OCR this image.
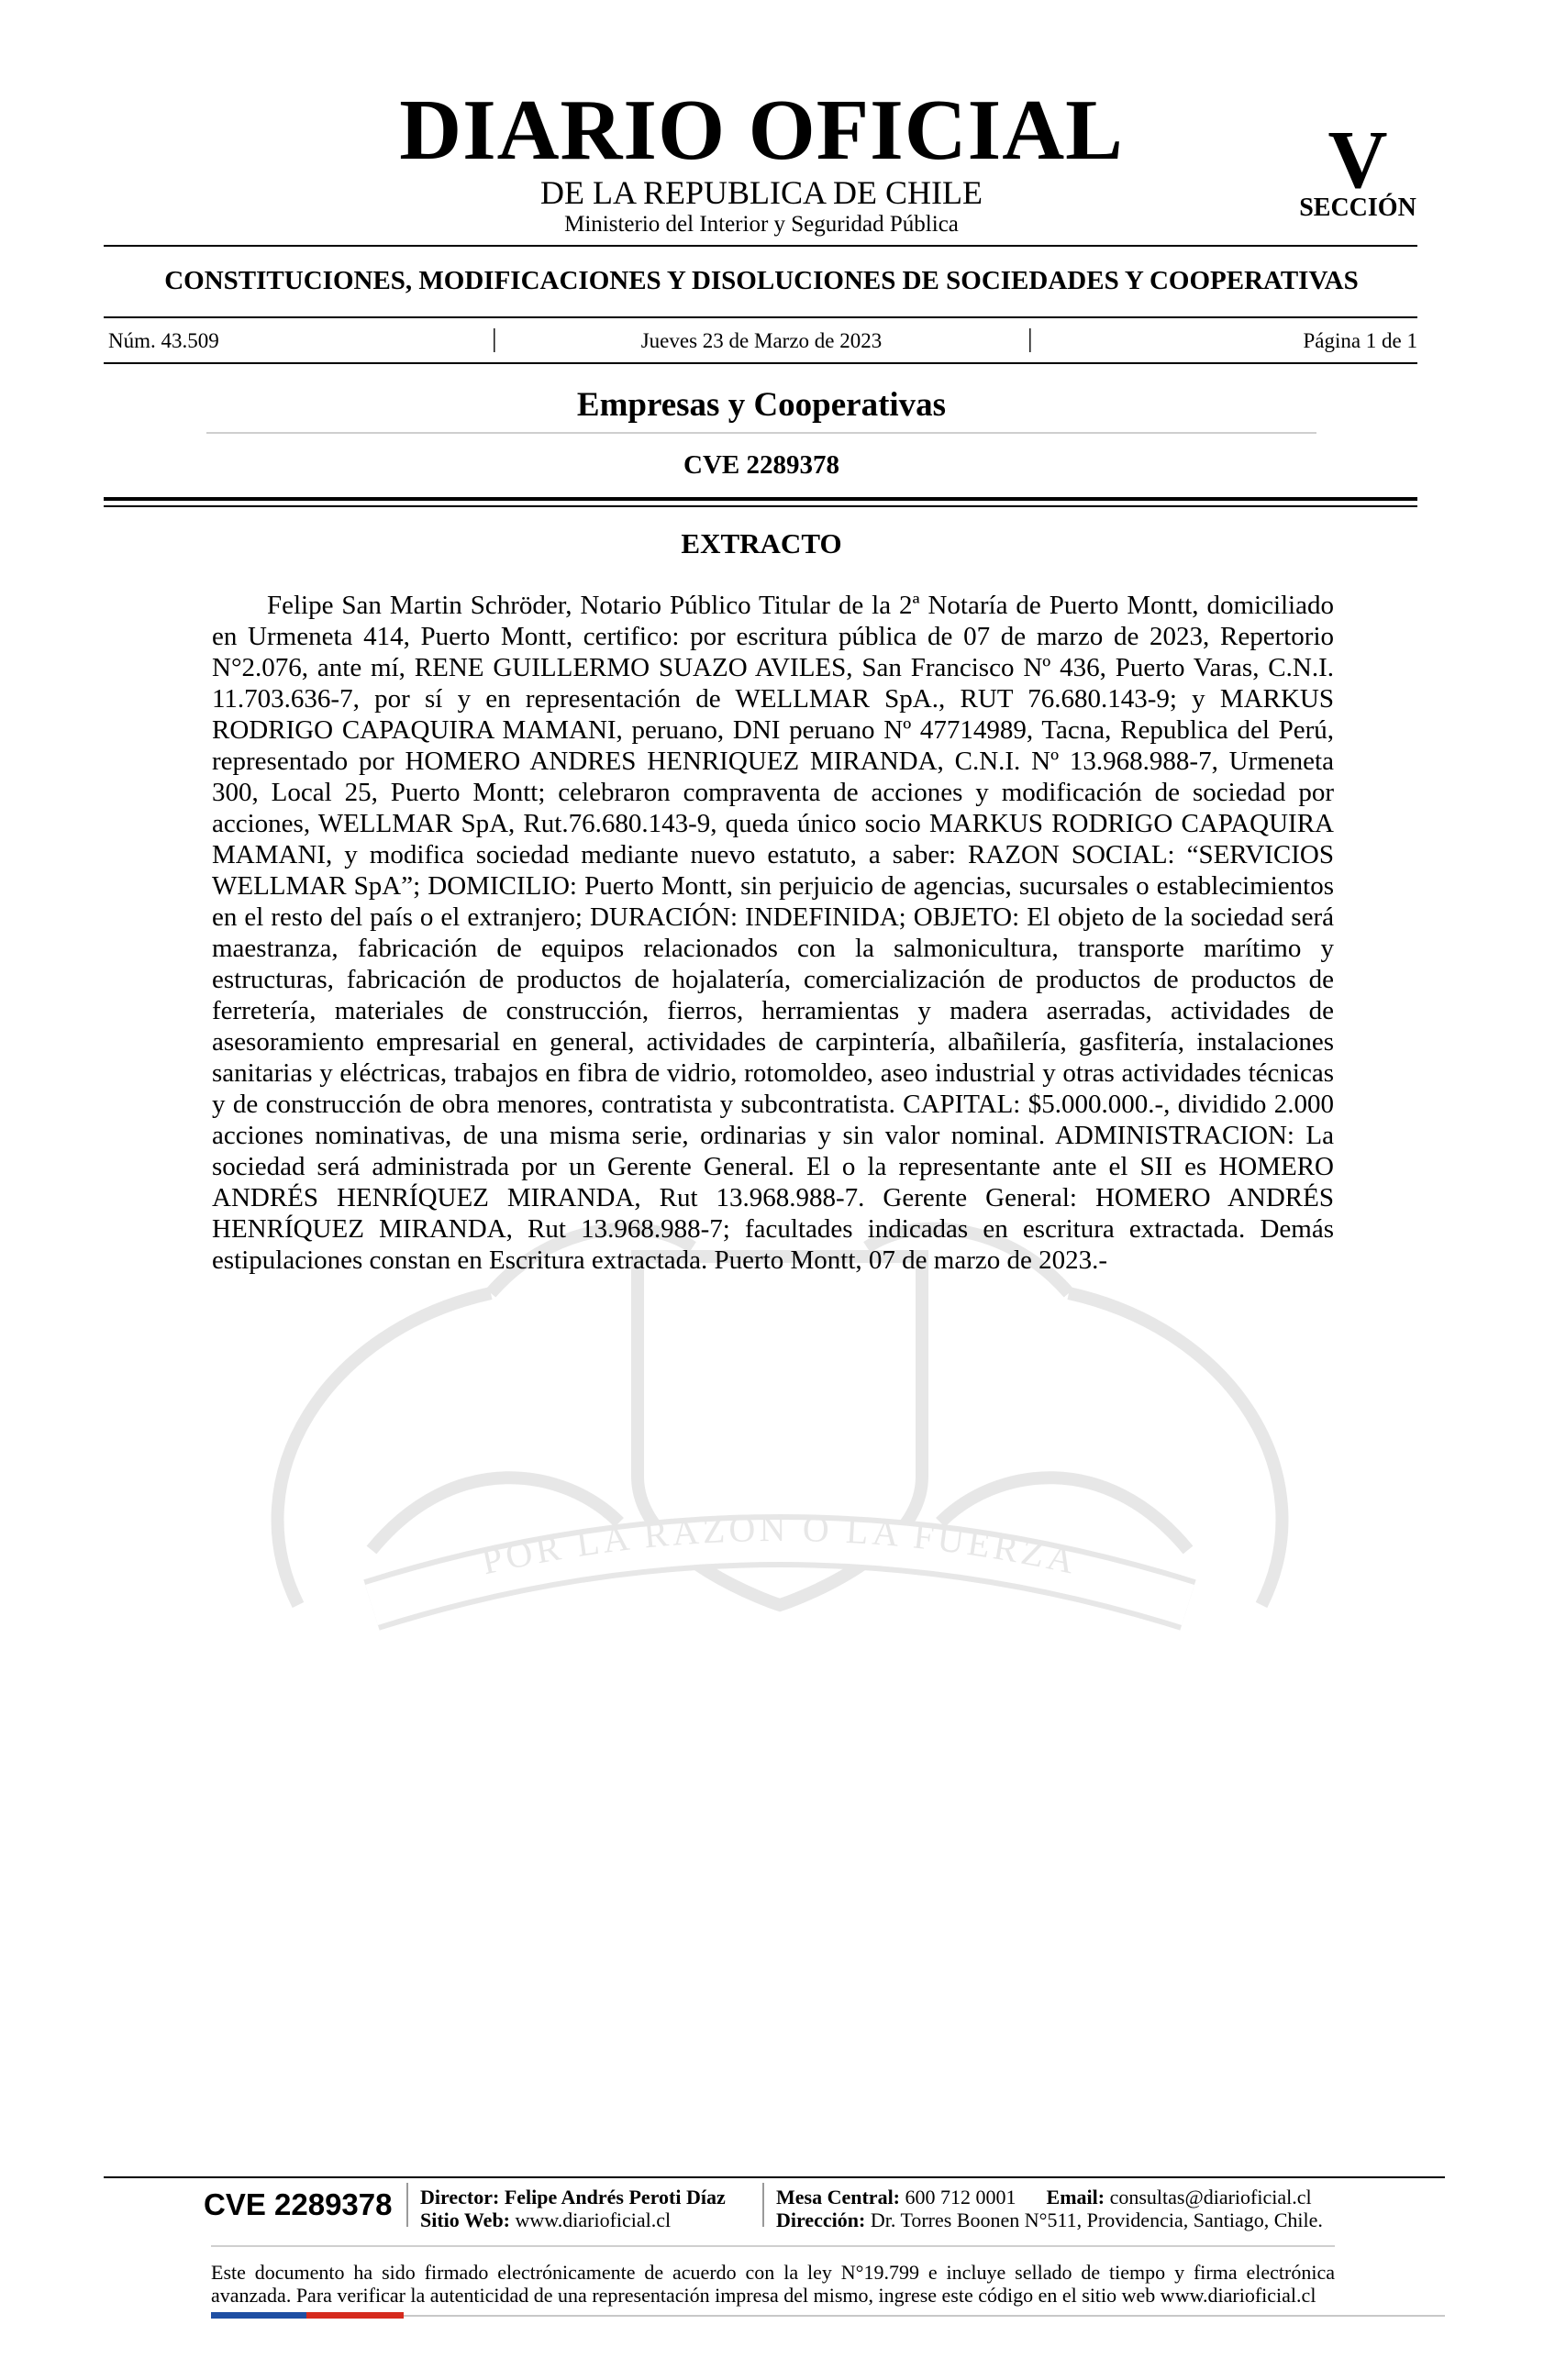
POR LA RAZON O LA FUERZA
DIARIO OFICIAL
DE LA REPUBLICA DE CHILE
Ministerio del Interior y Seguridad Pública
V
SECCIÓN
CONSTITUCIONES, MODIFICACIONES Y DISOLUCIONES DE SOCIEDADES Y COOPERATIVAS
Núm. 43.509	|	Jueves 23 de Marzo de 2023	|	Página 1 de 1
Empresas y Cooperativas
CVE 2289378
EXTRACTO

Felipe San Martin Schröder, Notario Público Titular de la 2ª Notaría de Puerto Montt, domiciliado en Urmeneta 414, Puerto Montt, certifico: por escritura pública de 07 de marzo de 2023, Repertorio N°2.076, ante mí, RENE GUILLERMO SUAZO AVILES, San Francisco Nº 436, Puerto Varas, C.N.I. 11.703.636-7, por sí y en representación de WELLMAR SpA., RUT 76.680.143-9; y MARKUS RODRIGO CAPAQUIRA MAMANI, peruano, DNI peruano Nº 47714989, Tacna, Republica del Perú, representado por HOMERO ANDRES HENRIQUEZ MIRANDA, C.N.I. Nº 13.968.988-7, Urmeneta 300, Local 25, Puerto Montt; celebraron compraventa de acciones y modificación de sociedad por acciones, WELLMAR SpA, Rut.76.680.143-9, queda único socio MARKUS RODRIGO CAPAQUIRA MAMANI, y modifica sociedad mediante nuevo estatuto, a saber: RAZON SOCIAL: “SERVICIOS WELLMAR SpA”; DOMICILIO: Puerto Montt, sin perjuicio de agencias, sucursales o establecimientos en el resto del país o el extranjero; DURACIÓN: INDEFINIDA; OBJETO: El objeto de la sociedad será maestranza, fabricación de equipos relacionados con la salmonicultura, transporte marítimo y estructuras, fabricación de productos de hojalatería, comercialización de productos de productos de ferretería, materiales de construcción, fierros, herramientas y madera aserradas, actividades de asesoramiento empresarial en general, actividades de carpintería, albañilería, gasfitería, instalaciones sanitarias y eléctricas, trabajos en fibra de vidrio, rotomoldeo, aseo industrial y otras actividades técnicas y de construcción de obra menores, contratista y subcontratista. CAPITAL: $5.000.000.-, dividido 2.000 acciones nominativas, de una misma serie, ordinarias y sin valor nominal. ADMINISTRACION: La sociedad será administrada por un Gerente General. El o la representante ante el SII es HOMERO ANDRÉS HENRÍQUEZ MIRANDA, Rut 13.968.988-7. Gerente General: HOMERO ANDRÉS HENRÍQUEZ MIRANDA, Rut 13.968.988-7; facultades indicadas en escritura extractada. Demás estipulaciones constan en Escritura extractada. Puerto Montt, 07 de marzo de 2023.-

CVE 2289378 Director: Felipe Andrés Peroti Díaz
Sitio Web: www.diarioficial.cl
Mesa Central: 600 712 0001 Email: consultas@diarioficial.cl
Dirección: Dr. Torres Boonen N°511, Providencia, Santiago, Chile.

Este documento ha sido firmado electrónicamente de acuerdo con la ley N°19.799 e incluye sellado de tiempo y firma electrónica

avanzada. Para verificar la autenticidad de una representación impresa del mismo, ingrese este código en el sitio web www.diarioficial.cl
